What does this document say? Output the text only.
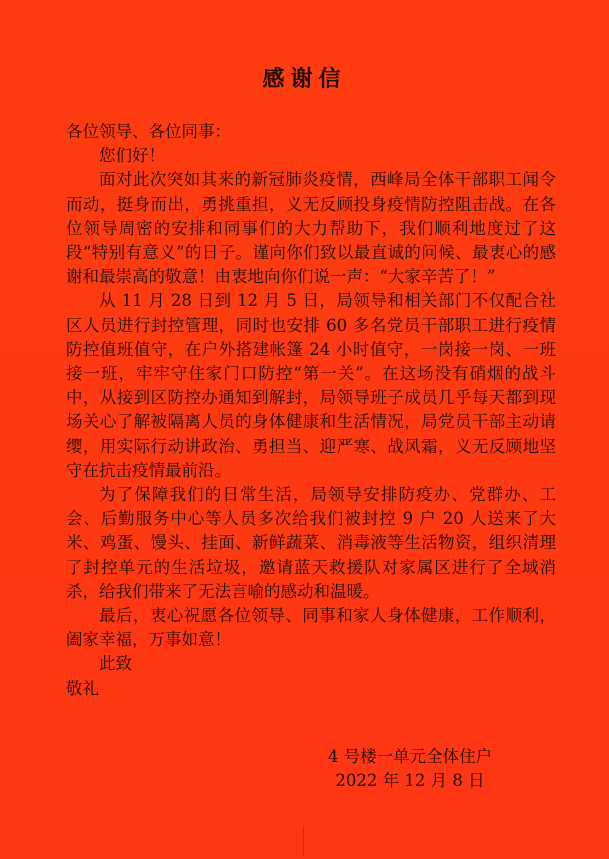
感谢信

各位领导、各位同事：

您们好！

面对此次突如其来的新冠肺炎疫情，西峰局全体干部职工闻令而动，挺身而出，勇挑重担，义无反顾投身疫情防控阻击战。在各位领导周密的安排和同事们的大力帮助下，我们顺利地度过了这段“特别有意义”的日子。谨向你们致以最直诚的问候、最衷心的感谢和最崇高的敬意！由衷地向你们说一声：“大家辛苦了！”

从 11 月 28 日到 12 月 5 日，局领导和相关部门不仅配合社区人员进行封控管理，同时也安排 60 多名党员干部职工进行疫情防控值班值守，在户外搭建帐篷 24 小时值守，一岗接一岗、一班接一班，牢牢守住家门口防控“第一关”。在这场没有硝烟的战斗中，从接到区防控办通知到解封，局领导班子成员几乎每天都到现场关心了解被隔离人员的身体健康和生活情况，局党员干部主动请缨，用实际行动讲政治、勇担当、迎严寒、战风霜，义无反顾地坚守在抗击疫情最前沿。

为了保障我们的日常生活，局领导安排防疫办、党群办、工会、后勤服务中心等人员多次给我们被封控 9 户 20 人送来了大米、鸡蛋、馒头、挂面、新鲜蔬菜、消毒液等生活物资，组织清理了封控单元的生活垃圾，邀请蓝天救援队对家属区进行了全域消杀，给我们带来了无法言喻的感动和温暖。

最后，衷心祝愿各位领导、同事和家人身体健康，工作顺利，阖家幸福，万事如意！

此致

敬礼

4 号楼一单元全体住户
2022 年 12 月 8 日
